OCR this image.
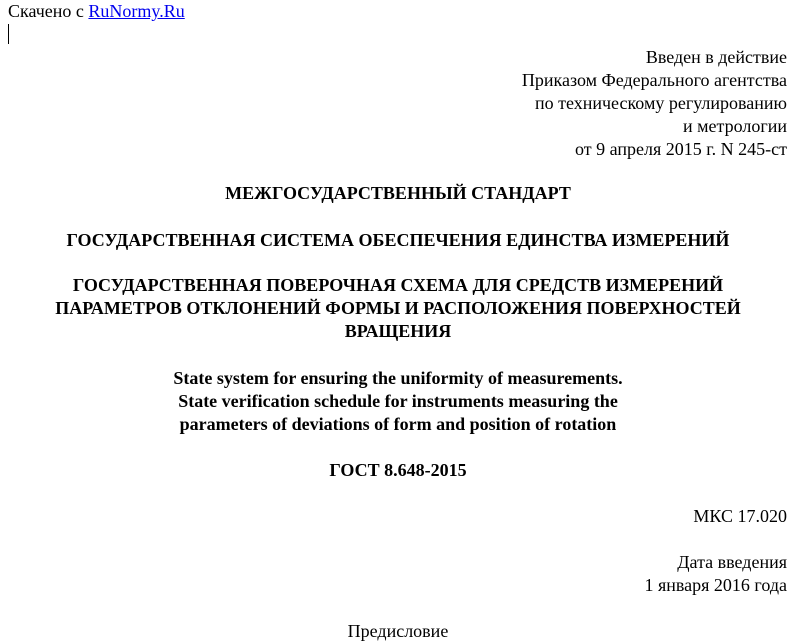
Скачено с RuNormy.Ru
Введен в действие
Приказом Федерального агентства
по техническому регулированию
и метрологии
от 9 апреля 2015 г. N 245-ст
МЕЖГОСУДАРСТВЕННЫЙ СТАНДАРТ
ГОСУДАРСТВЕННАЯ СИСТЕМА ОБЕСПЕЧЕНИЯ ЕДИНСТВА ИЗМЕРЕНИЙ
ГОСУДАРСТВЕННАЯ ПОВЕРОЧНАЯ СХЕМА ДЛЯ СРЕДСТВ ИЗМЕРЕНИЙ
ПАРАМЕТРОВ ОТКЛОНЕНИЙ ФОРМЫ И РАСПОЛОЖЕНИЯ ПОВЕРХНОСТЕЙ
ВРАЩЕНИЯ
State system for ensuring the uniformity of measurements.
State verification schedule for instruments measuring the
parameters of deviations of form and position of rotation
ГОСТ 8.648-2015
МКС 17.020
Дата введения
1 января 2016 года
Предисловие
